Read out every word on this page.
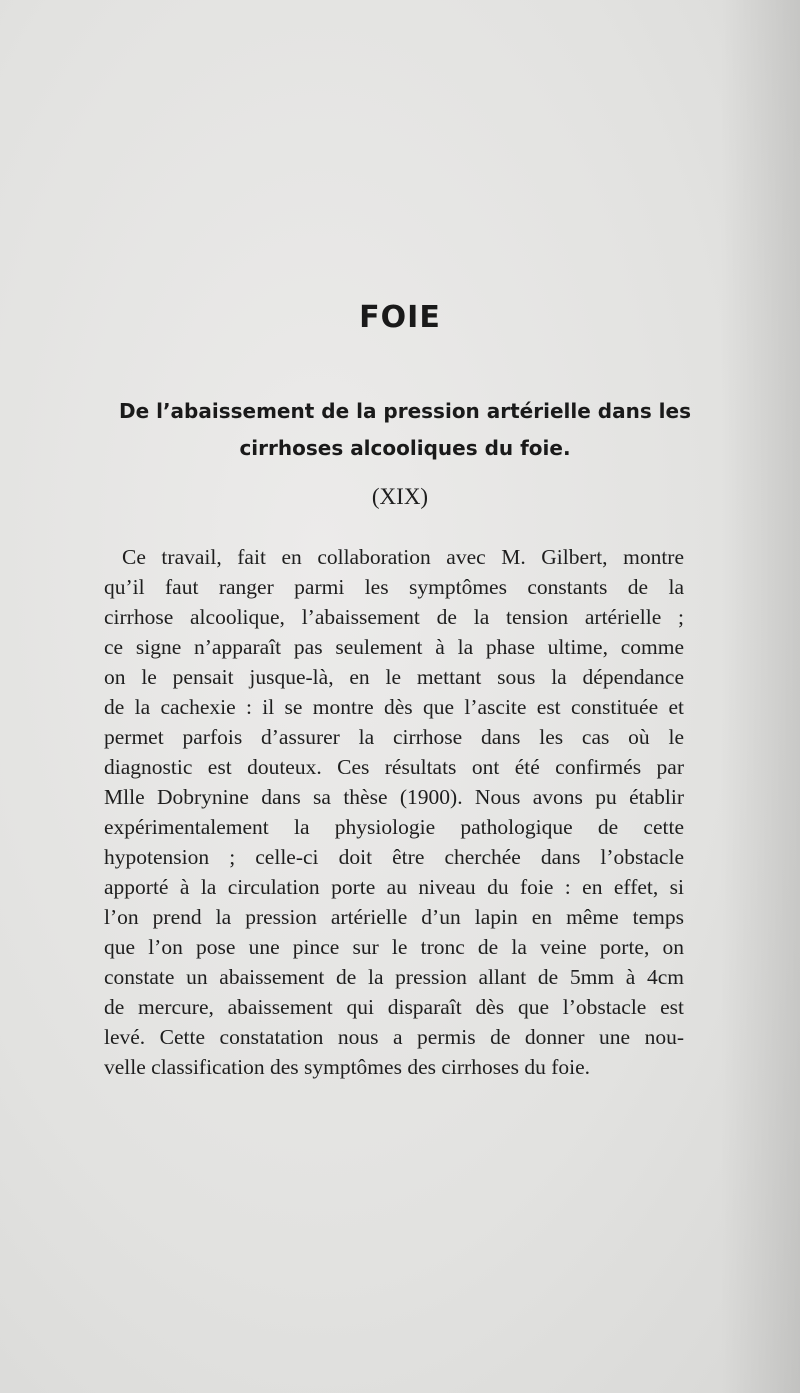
FOIE
De l’abaissement de la pression artérielle dans les
cirrhoses alcooliques du foie.
(XIX)
Ce travail, fait en collaboration avec M. Gilbert, montre
qu’il faut ranger parmi les symptômes constants de la
cirrhose alcoolique, l’abaissement de la tension artérielle ;
ce signe n’apparaît pas seulement à la phase ultime, comme
on le pensait jusque-là, en le mettant sous la dépendance
de la cachexie : il se montre dès que l’ascite est constituée et
permet parfois d’assurer la cirrhose dans les cas où le
diagnostic est douteux. Ces résultats ont été confirmés par
Mlle Dobrynine dans sa thèse (1900). Nous avons pu établir
expérimentalement la physiologie pathologique de cette
hypotension ; celle-ci doit être cherchée dans l’obstacle
apporté à la circulation porte au niveau du foie : en effet, si
l’on prend la pression artérielle d’un lapin en même temps
que l’on pose une pince sur le tronc de la veine porte, on
constate un abaissement de la pression allant de 5mm à 4cm
de mercure, abaissement qui disparaît dès que l’obstacle est
levé. Cette constatation nous a permis de donner une nou-
velle classification des symptômes des cirrhoses du foie.
